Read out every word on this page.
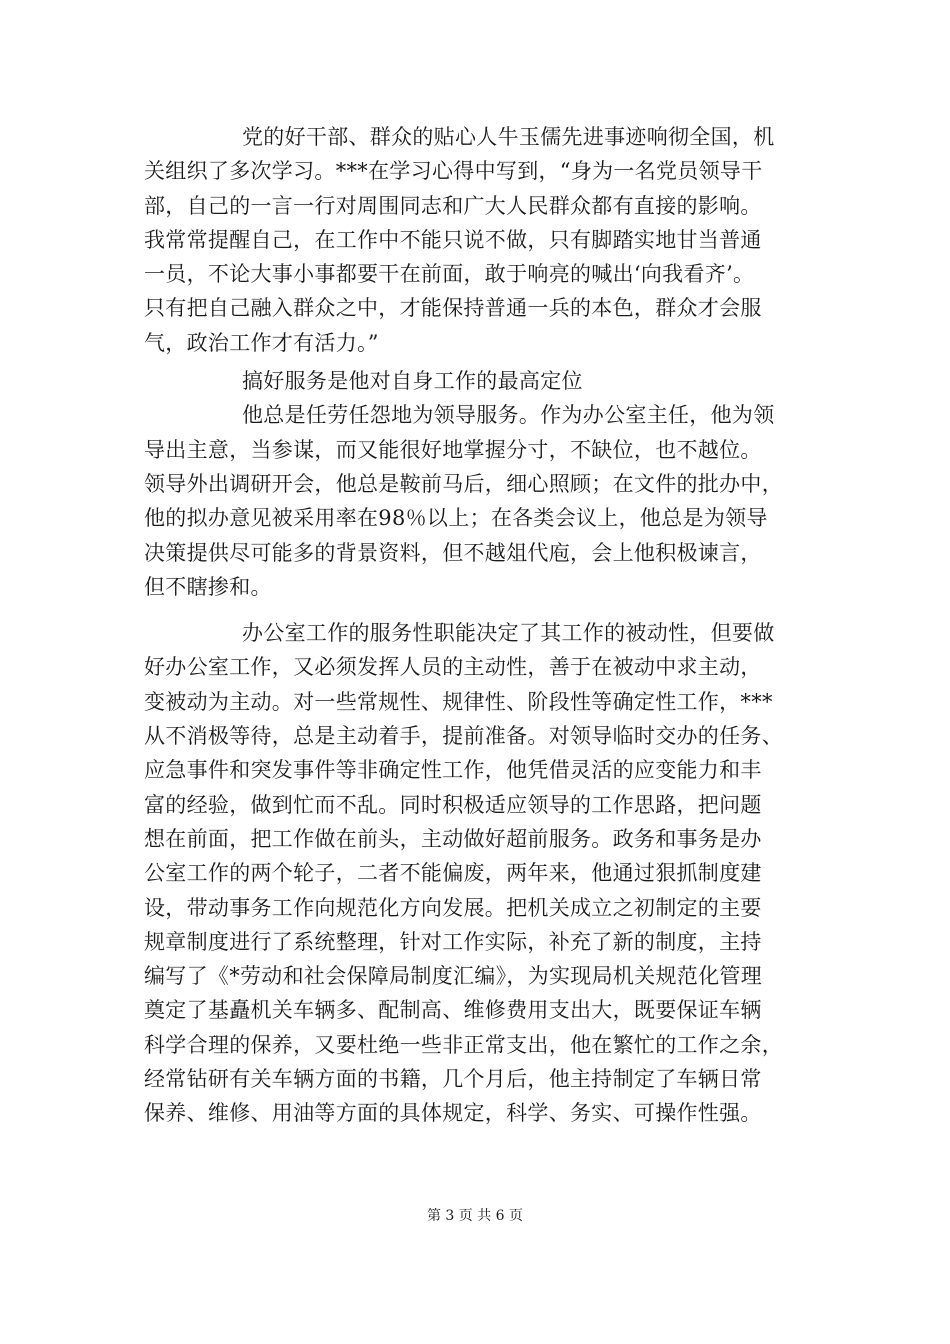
党的好干部、群众的贴心人牛玉儒先进事迹响彻全国，机
关组织了多次学习。***在学习心得中写到，“身为一名党员领导干
部，自己的一言一行对周围同志和广大人民群众都有直接的影响。
我常常提醒自己，在工作中不能只说不做，只有脚踏实地甘当普通
一员，不论大事小事都要干在前面，敢于响亮的喊出‘向我看齐’。
只有把自己融入群众之中，才能保持普通一兵的本色，群众才会服
气，政治工作才有活力。”
搞好服务是他对自身工作的最高定位
他总是任劳任怨地为领导服务。作为办公室主任，他为领
导出主意，当参谋，而又能很好地掌握分寸，不缺位，也不越位。
领导外出调研开会，他总是鞍前马后，细心照顾；在文件的批办中，
他的拟办意见被采用率在98％以上；在各类会议上，他总是为领导
决策提供尽可能多的背景资料，但不越俎代庖，会上他积极谏言，
但不瞎掺和。
办公室工作的服务性职能决定了其工作的被动性，但要做
好办公室工作，又必须发挥人员的主动性，善于在被动中求主动，
变被动为主动。对一些常规性、规律性、阶段性等确定性工作，***
从不消极等待，总是主动着手，提前准备。对领导临时交办的任务、
应急事件和突发事件等非确定性工作，他凭借灵活的应变能力和丰
富的经验，做到忙而不乱。同时积极适应领导的工作思路，把问题
想在前面，把工作做在前头，主动做好超前服务。政务和事务是办
公室工作的两个轮子，二者不能偏废，两年来，他通过狠抓制度建
设，带动事务工作向规范化方向发展。把机关成立之初制定的主要
规章制度进行了系统整理，针对工作实际，补充了新的制度，主持
编写了《*劳动和社会保障局制度汇编》，为实现局机关规范化管理
奠定了基矗机关车辆多、配制高、维修费用支出大，既要保证车辆
科学合理的保养，又要杜绝一些非正常支出，他在繁忙的工作之余，
经常钻研有关车辆方面的书籍，几个月后，他主持制定了车辆日常
保养、维修、用油等方面的具体规定，科学、务实、可操作性强。
第 3 页 共 6 页
